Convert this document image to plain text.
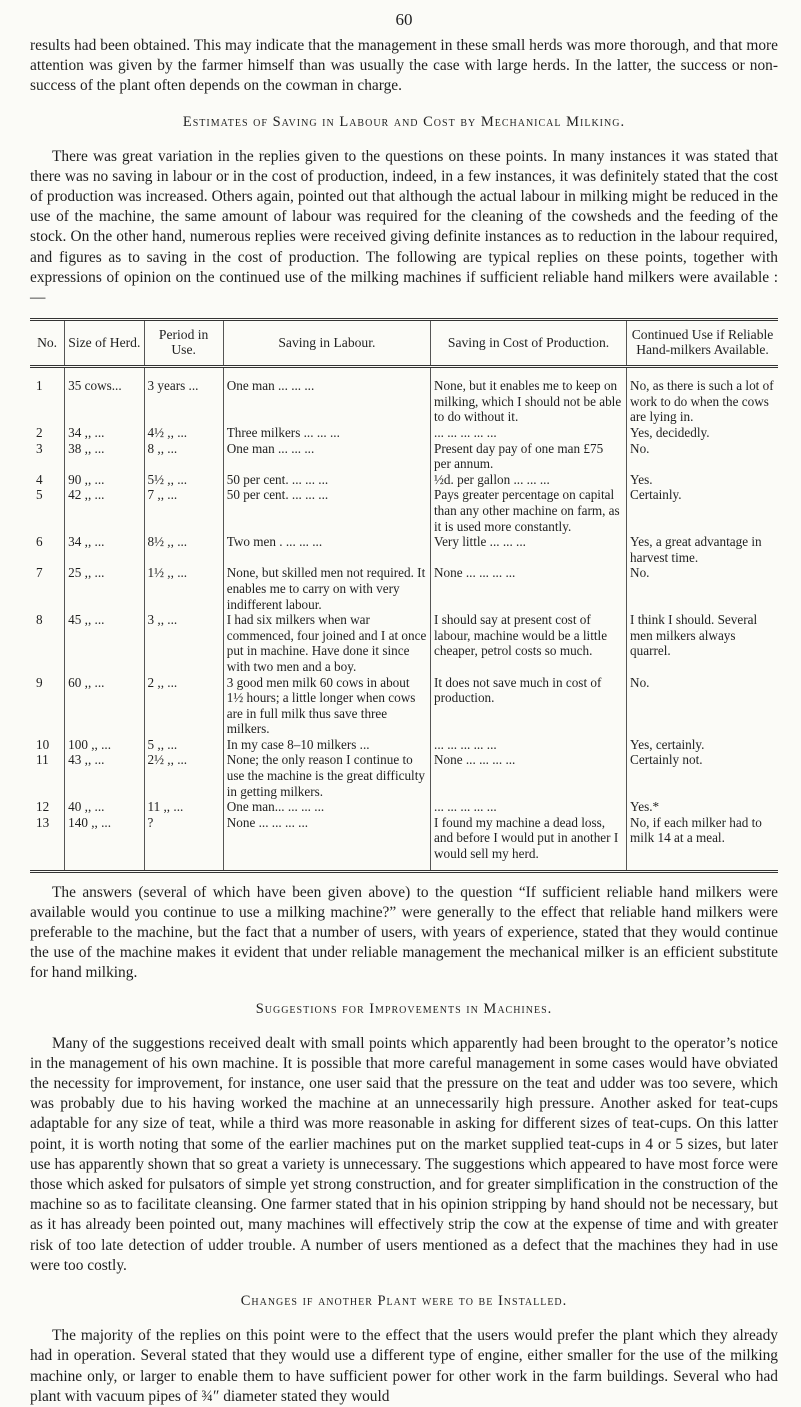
60

results had been obtained. This may indicate that the management in these small herds was more thorough, and that more attention was given by the farmer himself than was usually the case with large herds. In the latter, the success or non-success of the plant often depends on the cowman in charge.

Estimates of Saving in Labour and Cost by Mechanical Milking.

There was great variation in the replies given to the questions on these points. In many instances it was stated that there was no saving in labour or in the cost of production, indeed, in a few instances, it was definitely stated that the cost of production was increased. Others again, pointed out that although the actual labour in milking might be reduced in the use of the machine, the same amount of labour was required for the cleaning of the cowsheds and the feeding of the stock. On the other hand, numerous replies were received giving definite instances as to reduction in the labour required, and figures as to saving in the cost of production. The following are typical replies on these points, together with expressions of opinion on the continued use of the milking machines if sufficient reliable hand milkers were available :—

No.	Size of Herd.	Period in Use.	Saving in Labour.	Saving in Cost of Production.	Continued Use if Reliable Hand-milkers Available.
1	35 cows...	3 years ...	One man ... ... ...	None, but it enables me to keep on milking, which I should not be able to do without it.	No, as there is such a lot of work to do when the cows are lying in.
2	34 ,, ...	4½ ,, ...	Three milkers ... ... ...	... ... ... ... ...	Yes, decidedly.
3	38 ,, ...	8 ,, ...	One man ... ... ...	Present day pay of one man £75 per annum.	No.
4	90 ,, ...	5½ ,, ...	50 per cent. ... ... ...	½d. per gallon ... ... ...	Yes.
5	42 ,, ...	7 ,, ...	50 per cent. ... ... ...	Pays greater percentage on capital than any other machine on farm, as it is used more constantly.	Certainly.
6	34 ,, ...	8½ ,, ...	Two men . ... ... ...	Very little ... ... ...	Yes, a great advantage in harvest time.
7	25 ,, ...	1½ ,, ...	None, but skilled men not required. It enables me to carry on with very indifferent labour.	None ... ... ... ...	No.
8	45 ,, ...	3 ,, ...	I had six milkers when war commenced, four joined and I at once put in machine. Have done it since with two men and a boy.	I should say at present cost of labour, machine would be a little cheaper, petrol costs so much.	I think I should. Several men milkers always quarrel.
9	60 ,, ...	2 ,, ...	3 good men milk 60 cows in about 1½ hours; a little longer when cows are in full milk thus save three milkers.	It does not save much in cost of production.	No.
10	100 ,, ...	5 ,, ...	In my case 8–10 milkers ...	... ... ... ... ...	Yes, certainly.
11	43 ,, ...	2½ ,, ...	None; the only reason I continue to use the machine is the great difficulty in getting milkers.	None ... ... ... ...	Certainly not.
12	40 ,, ...	11 ,, ...	One man... ... ... ...	... ... ... ... ...	Yes.*
13	140 ,, ...	?	None ... ... ... ...	I found my machine a dead loss, and before I would put in another I would sell my herd.	No, if each milker had to milk 14 at a meal.

The answers (several of which have been given above) to the question “If sufficient reliable hand milkers were available would you continue to use a milking machine?” were generally to the effect that reliable hand milkers were preferable to the machine, but the fact that a number of users, with years of experience, stated that they would continue the use of the machine makes it evident that under reliable management the mechanical milker is an efficient substitute for hand milking.

Suggestions for Improvements in Machines.

Many of the suggestions received dealt with small points which apparently had been brought to the operator’s notice in the management of his own machine. It is possible that more careful management in some cases would have obviated the necessity for improvement, for instance, one user said that the pressure on the teat and udder was too severe, which was probably due to his having worked the machine at an unnecessarily high pressure. Another asked for teat-cups adaptable for any size of teat, while a third was more reasonable in asking for different sizes of teat-cups. On this latter point, it is worth noting that some of the earlier machines put on the market supplied teat-cups in 4 or 5 sizes, but later use has apparently shown that so great a variety is unnecessary. The suggestions which appeared to have most force were those which asked for pulsators of simple yet strong construction, and for greater simplification in the construction of the machine so as to facilitate cleansing. One farmer stated that in his opinion stripping by hand should not be necessary, but as it has already been pointed out, many machines will effectively strip the cow at the expense of time and with greater risk of too late detection of udder trouble. A number of users mentioned as a defect that the machines they had in use were too costly.

Changes if another Plant were to be Installed.

The majority of the replies on this point were to the effect that the users would prefer the plant which they already had in operation. Several stated that they would use a different type of engine, either smaller for the use of the milking machine only, or larger to enable them to have sufficient power for other work in the farm buildings. Several who had plant with vacuum pipes of ¾″ diameter stated they would
